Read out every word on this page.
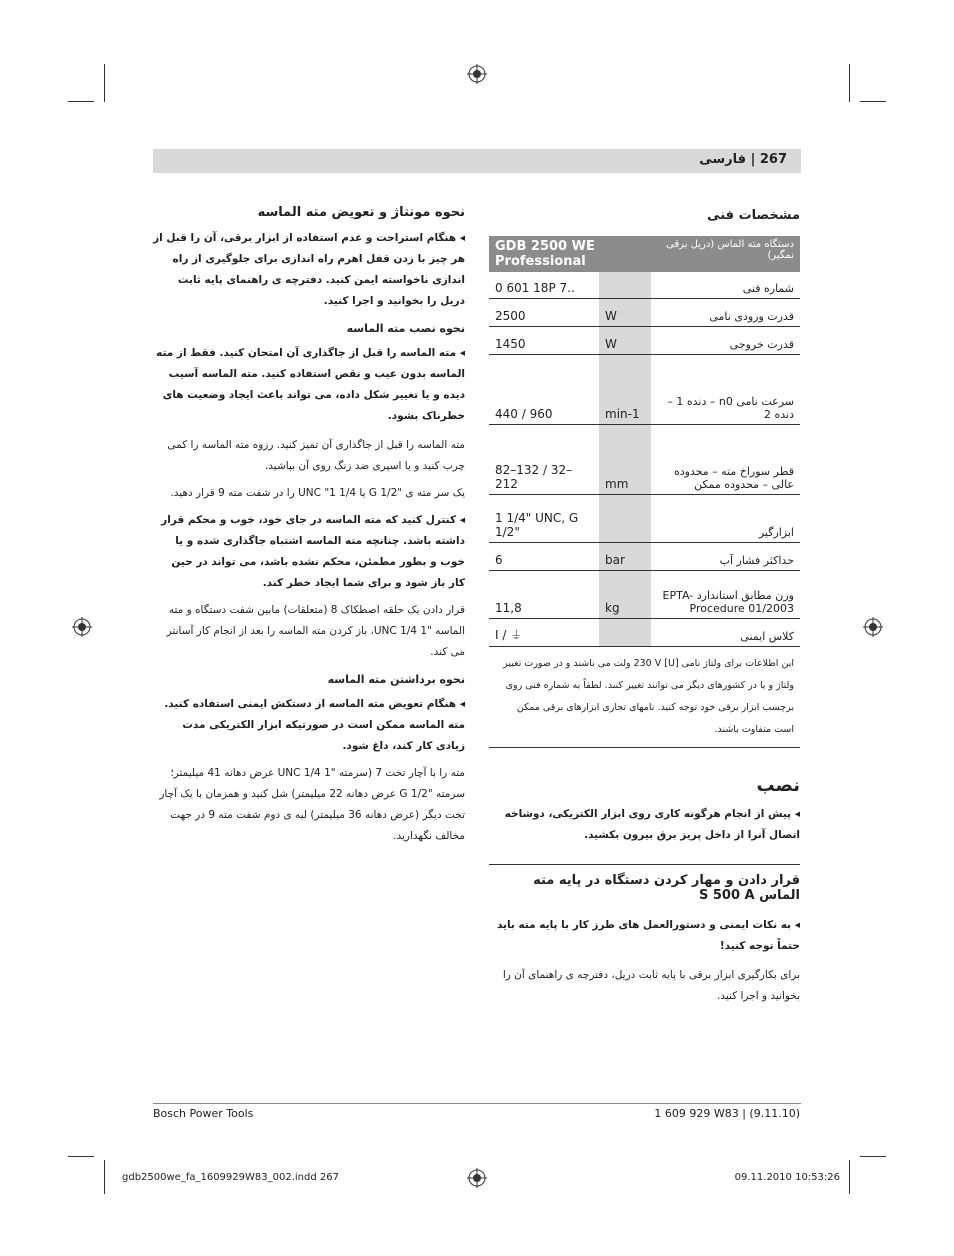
267 | فارسی
نحوه مونتاژ و تعویض مته الماسه
◂ هنگام استراحت و عدم استفاده از ابزار برقی، آن را قبل از هر چیز با زدن قفل اهرم راه اندازی برای جلوگیری از راه اندازی ناخواسته ایمن کنید. دفترچه ی راهنمای پایه ثابت دریل را بخوانید و اجرا کنید.
نحوه نصب مته الماسه
◂ مته الماسه را قبل از جاگذاری آن امتحان کنید. فقط از مته الماسه بدون عیب و نقص استفاده کنید. مته الماسه آسیب دیده و یا تغییر شکل داده، می تواند باعث ایجاد وضعیت های خطرناک بشود.
مته الماسه را قبل از جاگذاری آن تمیز کنید. رزوه مته الماسه را کمی چرب کنید و یا اسپری ضد زنگ روی آن بپاشید.
یک سر مته ی "1/2 G یا UNC "1 1/4 را در شفت مته 9 قرار دهید.
◂ کنترل کنید که مته الماسه در جای خود، خوب و محکم قرار داشته باشد. چنانچه مته الماسه اشتباه جاگذاری شده و یا خوب و بطور مطمئن، محکم نشده باشد، می تواند در حین کار باز شود و برای شما ایجاد خطر کند.
قرار دادن یک حلقه اصطکاک 8 (متعلقات) مابین شفت دستگاه و مته الماسه "1 1/4 UNC، باز کردن مته الماسه را بعد از انجام کار آسانتر می کند.
نحوه برداشتن مته الماسه
◂ هنگام تعویض مته الماسه از دستکش ایمنی استفاده کنید. مته الماسه ممکن است در صورتیکه ابزار الکتریکی مدت زیادی کار کند، داغ شود.
مته را با آچار تخت 7 (سرمته "1 1/4 UNC عرض دهانه 41 میلیمتر؛ سرمته "1/2 G عرض دهانه 22 میلیمتر) شل کنید و همزمان با یک آچار تخت دیگر (عرض دهانه 36 میلیمتر) لبه ی دوم شفت مته 9 در جهت مخالف نگهدارید.
مشخصات فنی
GDB 2500 WE Professional		دستگاه مته الماس (دریل برقی نمگیر)
0 601 18P 7..		شماره فنی
2500	W	قدرت ورودی نامی
1450	W	قدرت خروجی
440 / 960	min-1	سرعت نامی n0 – دنده 1 – دنده 2
82–132 / 32–212	mm	قطر سوراخ مته – محدوده عالی – محدوده ممکن
1 1/4" UNC, G 1/2"		ابزارگیر
6	bar	حداکثر فشار آب
11,8	kg	وزن مطابق استاندارد EPTA-Procedure 01/2003
I / ⏚		کلاس ایمنی
این اطلاعات برای ولتاژ نامی [U] 230 V ولت می باشند و در صورت تغییر ولتاژ و یا در کشورهای دیگر می توانند تغییر کنند. لطفاً به شماره فنی روی برچسب ابزار برقی خود توجه کنید. نامهای تجاری ابزارهای برقی ممکن است متفاوت باشند.		
نصب
◂ پیش از انجام هرگونه کاری روی ابزار الکتریکی، دوشاخه اتصال آنرا از داخل پریز برق بیرون بکشید.
قرار دادن و مهار کردن دستگاه در پایه مته الماس S 500 A
◂ به نکات ایمنی و دستورالعمل های طرز کار با پایه مته باید حتماً توجه کنید!
برای بکارگیری ابزار برقی با پایه ثابت دریل، دفترچه ی راهنمای آن را بخوانید و اجرا کنید.
Bosch Power Tools	1 609 929 W83 | (9.11.10)
gdb2500we_fa_1609929W83_002.indd 267	09.11.2010 10:53:26
